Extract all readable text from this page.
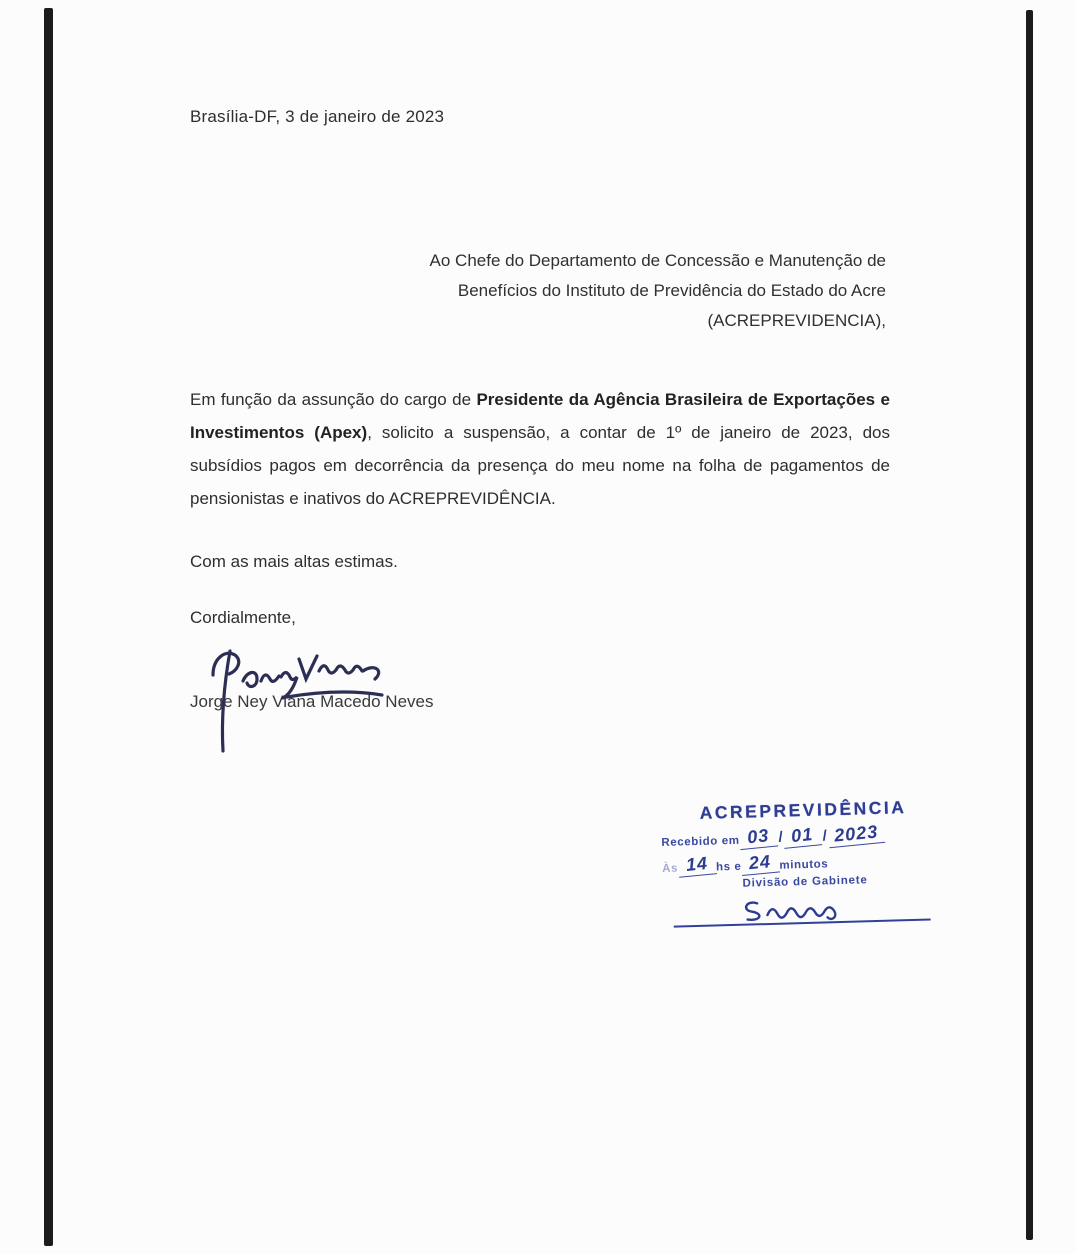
Brasília-DF, 3 de janeiro de 2023
Ao Chefe do Departamento de Concessão e Manutenção de
Benefícios do Instituto de Previdência do Estado do Acre
(ACREPREVIDENCIA),
Em função da assunção do cargo de Presidente da Agência Brasileira de Exportações e Investimentos (Apex), solicito a suspensão, a contar de 1º de janeiro de 2023, dos subsídios pagos em decorrência da presença do meu nome na folha de pagamentos de pensionistas e inativos do ACREPREVIDÊNCIA.
Com as mais altas estimas.
Cordialmente,
Jorge Ney Viana Macedo Neves
ACREPREVIDÊNCIA
Recebido em 03 / 01 / 2023
Às 14 hs e 24 minutos
Divisão de Gabinete
